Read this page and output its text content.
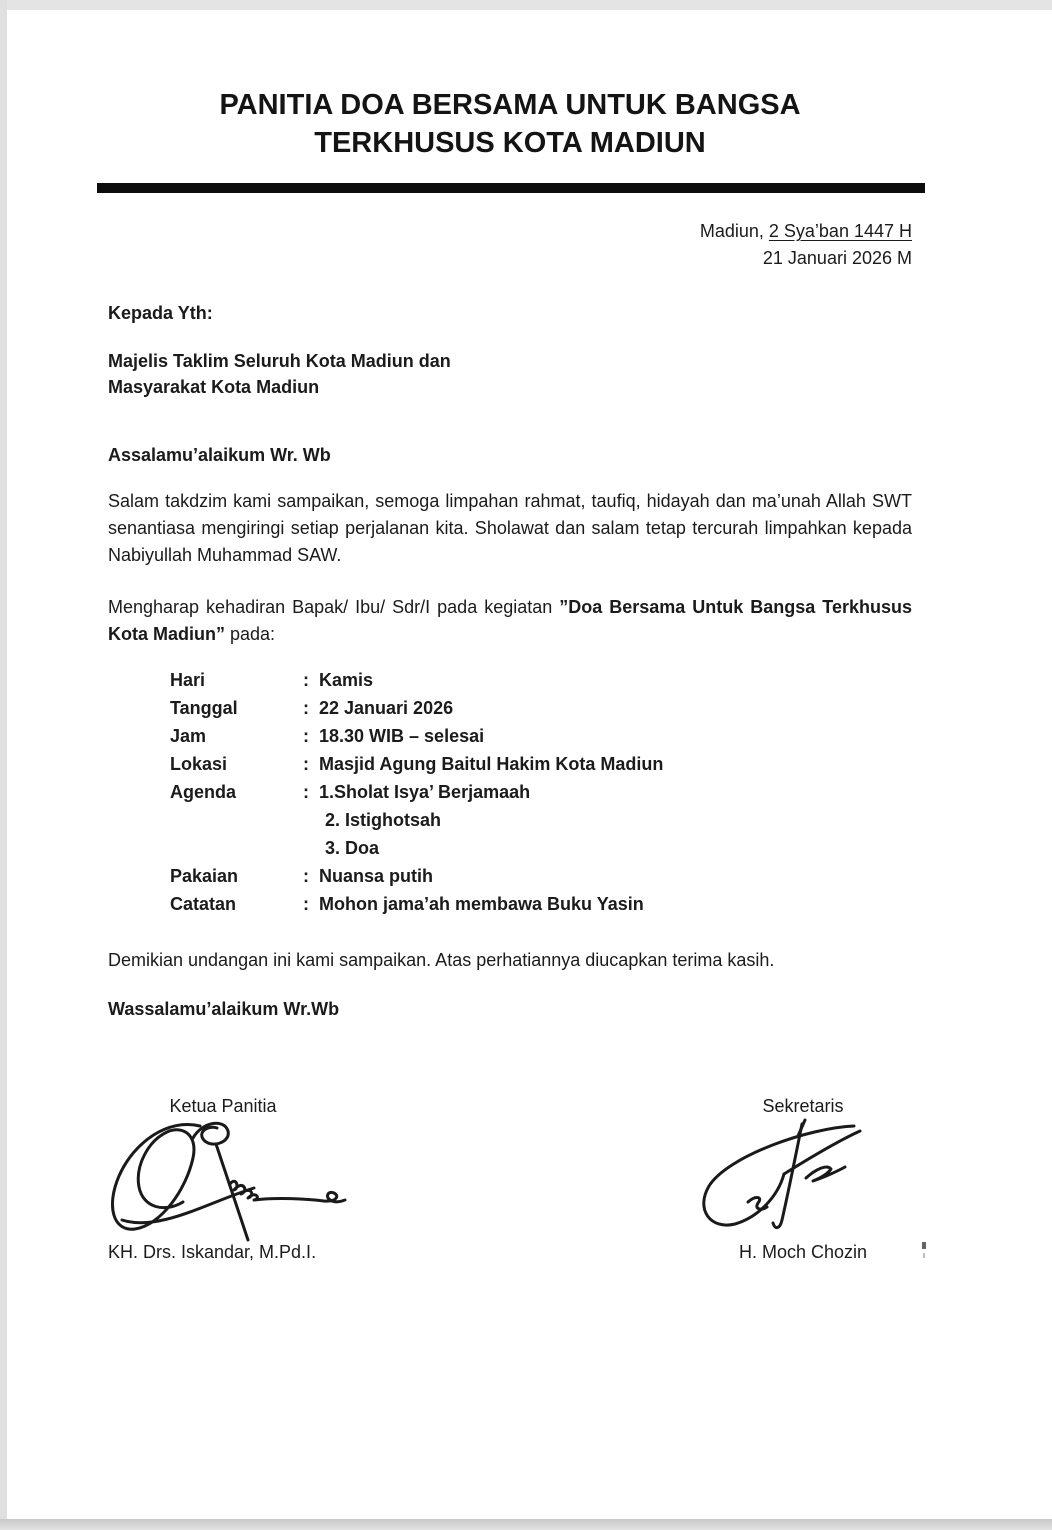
PANITIA DOA BERSAMA UNTUK BANGSA
TERKHUSUS KOTA MADIUN
Madiun, 2 Sya’ban 1447 H
21 Januari 2026 M
Kepada Yth:
Majelis Taklim Seluruh Kota Madiun dan
Masyarakat Kota Madiun
Assalamu’alaikum Wr. Wb
Salam takdzim kami sampaikan, semoga limpahan rahmat, taufiq, hidayah dan ma’unah Allah SWT senantiasa mengiringi setiap perjalanan kita. Sholawat dan salam tetap tercurah limpahkan kepada Nabiyullah Muhammad SAW.
Mengharap kehadiran Bapak/ Ibu/ Sdr/I pada kegiatan ”Doa Bersama Untuk Bangsa Terkhusus Kota Madiun” pada:
Hari	: Kamis
Tanggal	: 22 Januari 2026
Jam	: 18.30 WIB – selesai
Lokasi	: Masjid Agung Baitul Hakim Kota Madiun
Agenda	: 1.Sholat Isya’ Berjamaah
2. Istighotsah
3. Doa
Pakaian	: Nuansa putih
Catatan	: Mohon jama’ah membawa Buku Yasin
Demikian undangan ini kami sampaikan. Atas perhatiannya diucapkan terima kasih.
Wassalamu’alaikum Wr.Wb
Ketua Panitia	Sekretaris
KH. Drs. Iskandar, M.Pd.I.	H. Moch Chozin
